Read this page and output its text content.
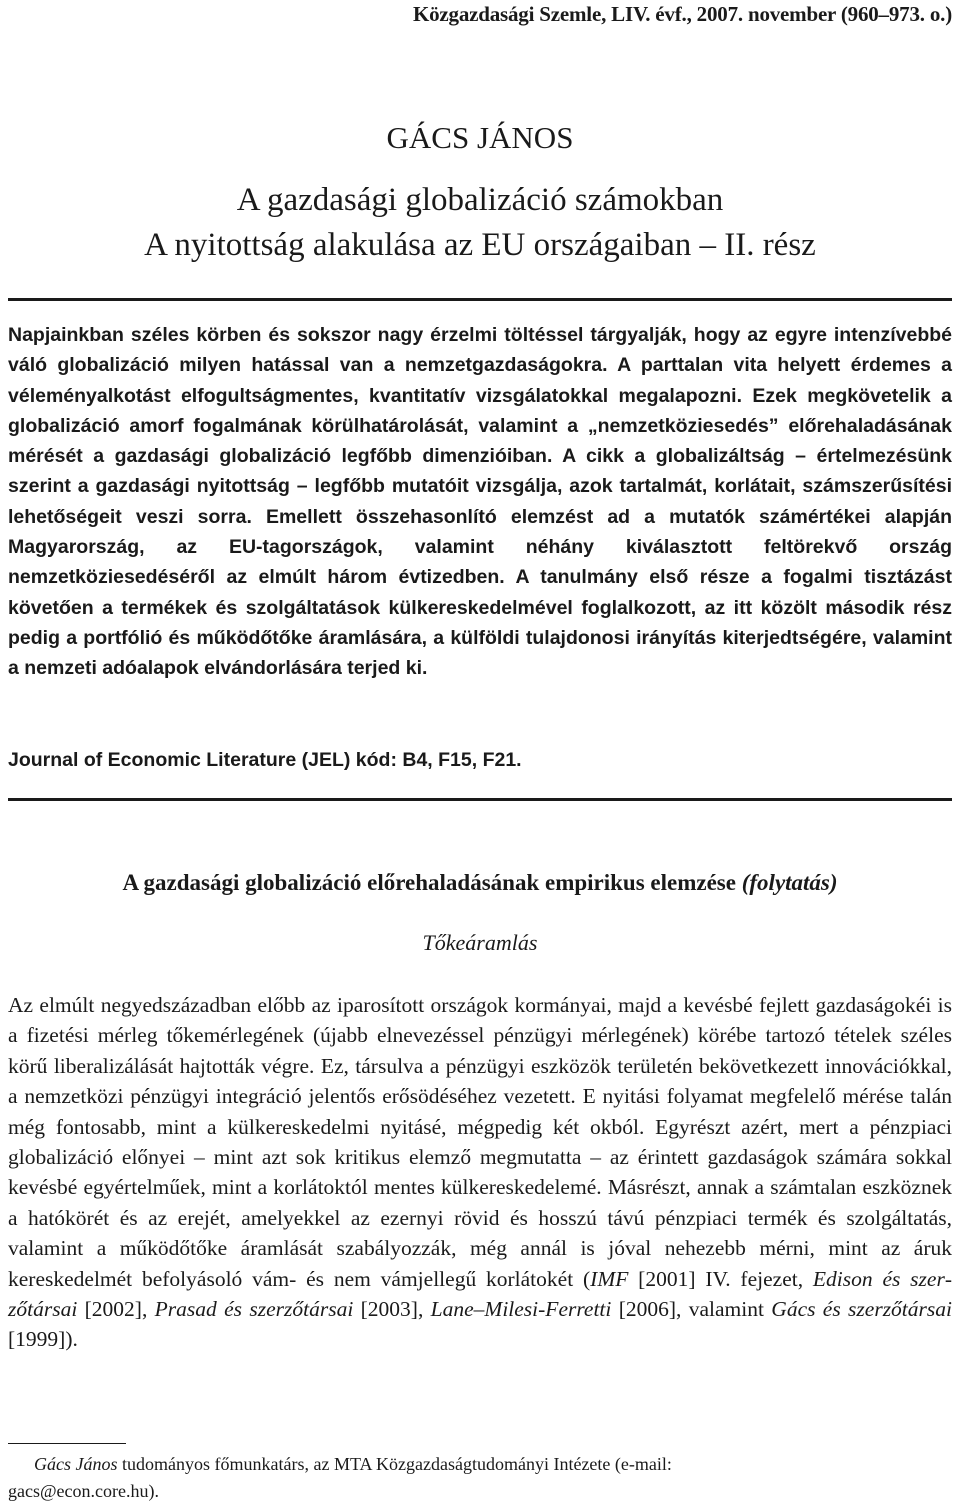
Közgazdasági Szemle, LIV. évf., 2007. november (960–973. o.)

GÁCS JÁNOS
A gazdasági globalizáció számokban
A nyitottság alakulása az EU országaiban – II. rész

Napjainkban széles körben és sokszor nagy érzelmi töltéssel tárgyalják, hogy az egyre intenzívebbé váló globalizáció milyen hatással van a nemzetgazdaságokra. A parttalan vita helyett érdemes a véleményalkotást elfogultságmentes, kvantitatív vizsgálatokkal megalapozni. Ezek megkövetelik a globalizáció amorf fogalmának körülhatárolását, valamint a „nemzetköziesedés” előrehaladásának mérését a gazdasági globalizáció legfőbb dimenzióiban. A cikk a globalizáltság – értelmezésünk szerint a gazdasági nyitottság – legfőbb mutatóit vizsgálja, azok tartalmát, korlátait, számszerűsítési lehetőségeit veszi sorra. Emellett összehasonlító elemzést ad a mutatók számértékei alapján Magyarország, az EU-tagországok, valamint néhány kiválasztott feltörekvő ország nemzetköziesedéséről az elmúlt három évtizedben. A tanulmány első része a fogalmi tisztázást követően a termékek és szolgáltatások külkereskedelmével foglalkozott, az itt közölt második rész pedig a portfólió és működőtőke áramlására, a külföldi tulajdonosi irányítás kiterjedtségére, valamint a nemzeti adóalapok elvándorlására terjed ki.

Journal of Economic Literature (JEL) kód: B4, F15, F21.

A gazdasági globalizáció előrehaladásának empirikus elemzése (folytatás)
Tőkeáramlás

Az elmúlt negyedszázadban előbb az iparosított országok kormányai, majd a kevésbé fejlett gazdaságokéi is a fizetési mérleg tőkemérlegének (újabb elnevezéssel pénzügyi mérlegének) körébe tartozó tételek széles körű liberalizálását hajtották végre. Ez, társulva a pénzügyi eszközök területén bekövetkezett innovációkkal, a nemzetközi pénzügyi integráció jelentős erősödéséhez vezetett. E nyitási folyamat megfelelő mérése talán még fontosabb, mint a külkereskedelmi nyitásé, mégpedig két okból. Egyrészt azért, mert a pénzpiaci globalizáció előnyei – mint azt sok kritikus elemző megmutatta – az érintett gazdaságok számára sokkal kevésbé egyértelműek, mint a korlátoktól mentes külkereskedelemé. Másrészt, annak a számtalan eszköznek a hatókörét és az erejét, amelyekkel az ezernyi rövid és hosszú távú pénzpiaci termék és szolgáltatás, valamint a működőtőke áramlását szabályozzák, még annál is jóval nehezebb mérni, mint az áruk kereskedelmét befolyásoló vám- és nem vámjellegű korlátokét (IMF [2001] IV. fejezet, Edison és szerzőtársai [2002], Prasad és szerzőtársai [2003], Lane–Milesi-Ferretti [2006], valamint Gács és szerzőtársai [1999]).

Gács János tudományos főmunkatárs, az MTA Közgazdaságtudományi Intézete (e-mail:
gacs@econ.core.hu).
